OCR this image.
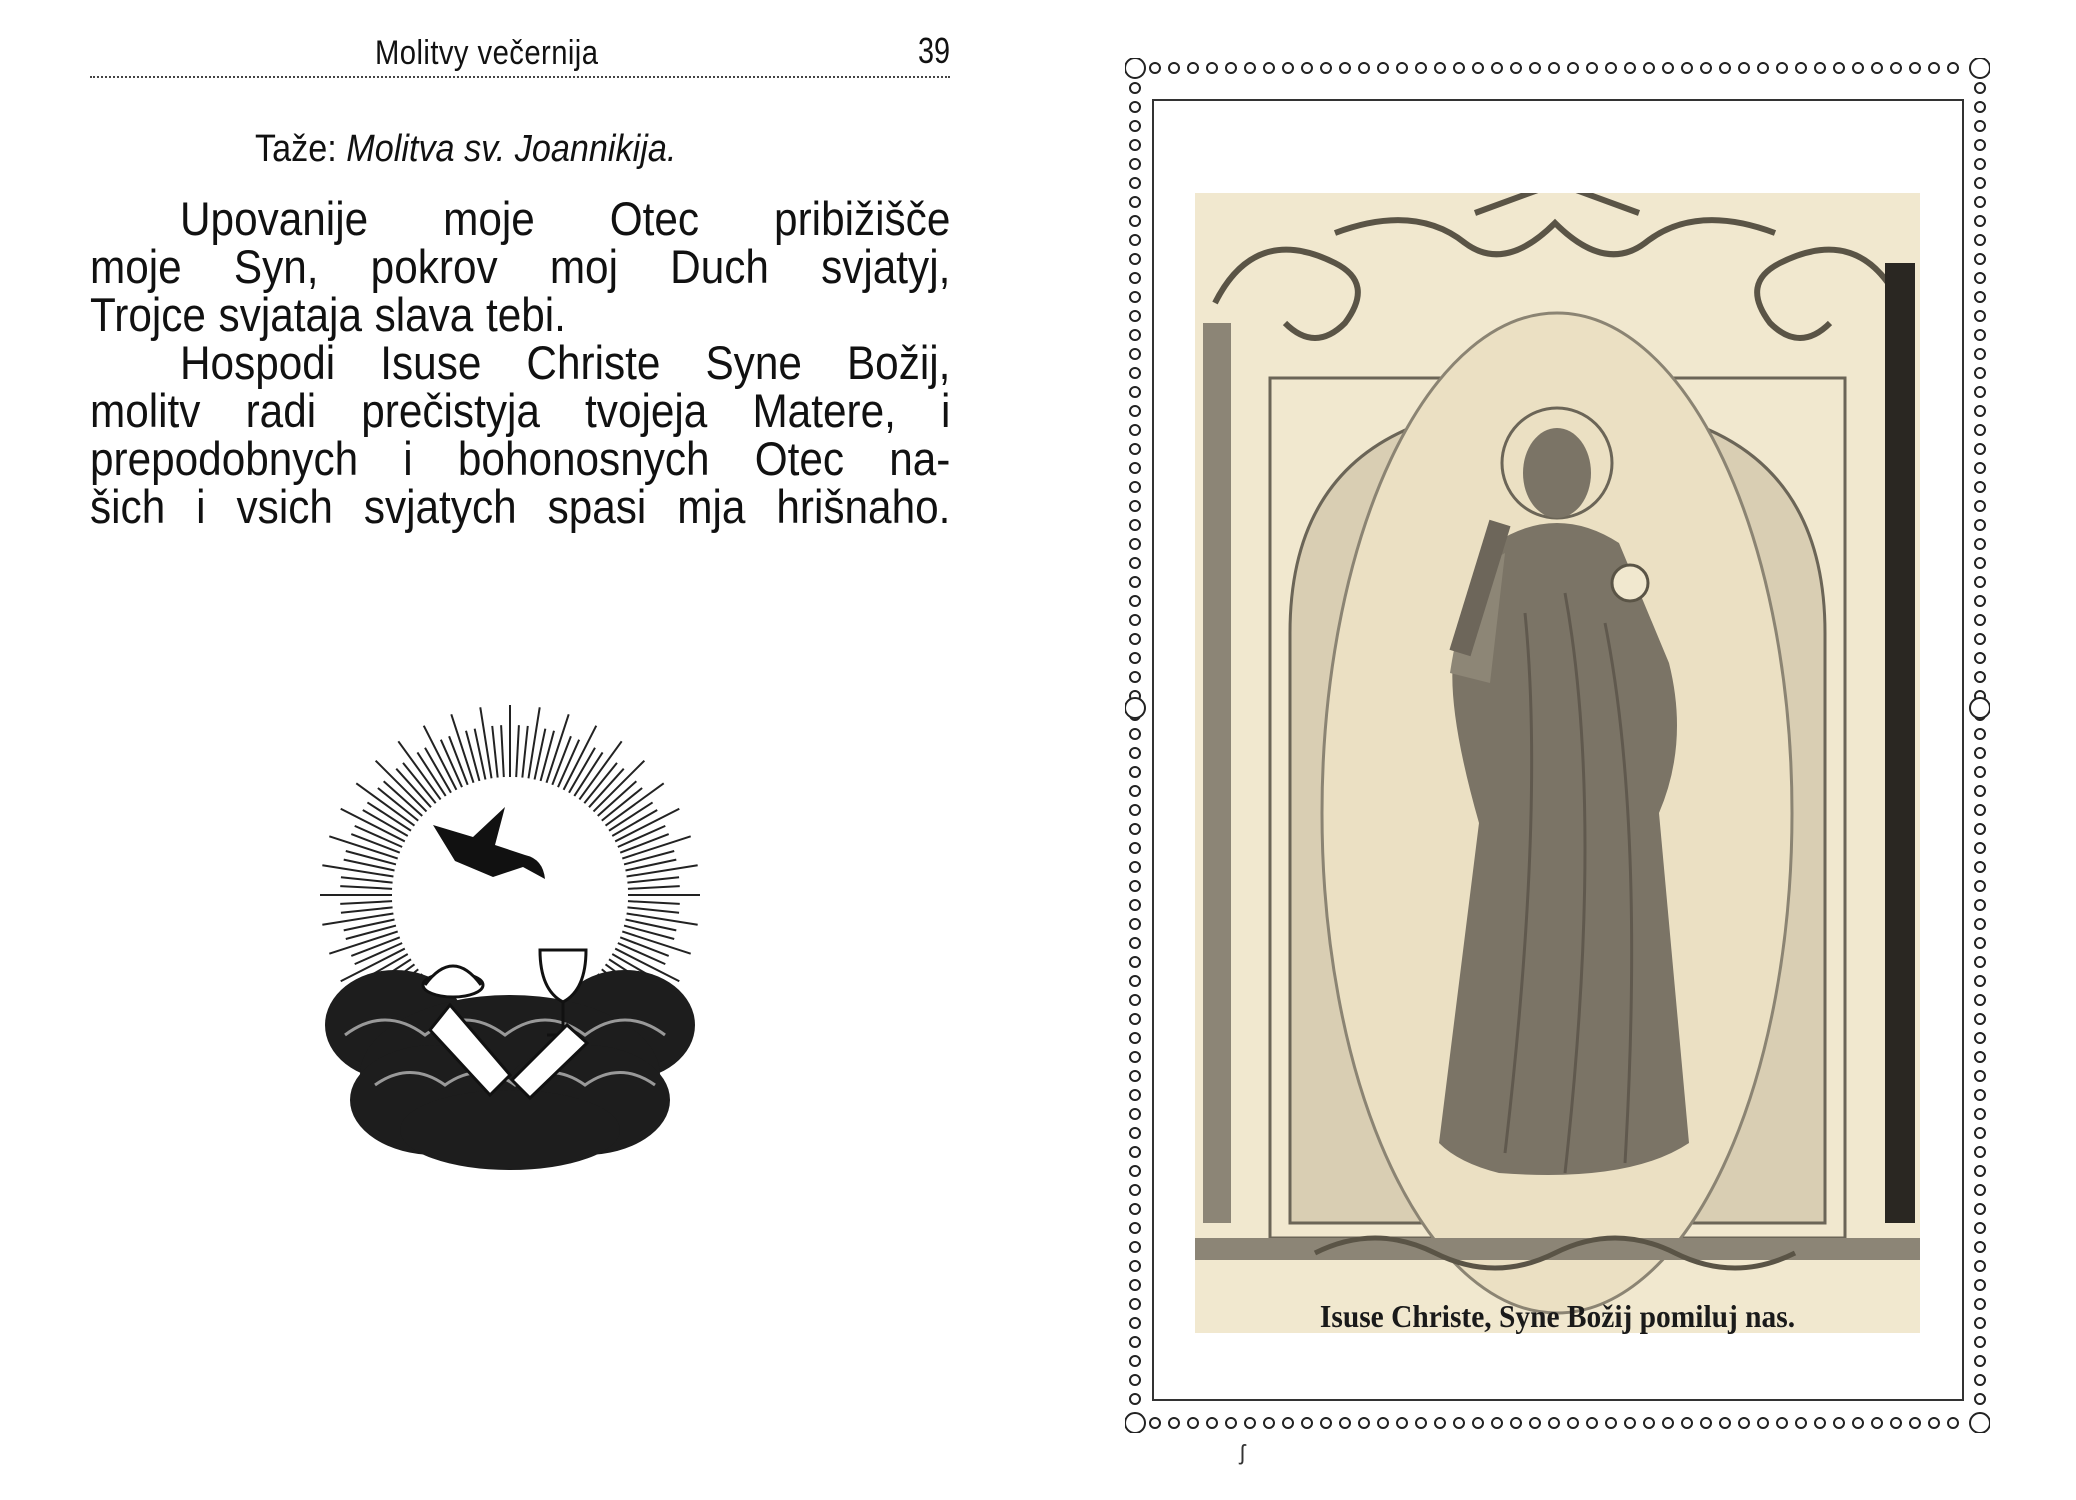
Molitvy večernija	39
Taže: Molitva sv. Joannikija.
Upovanije moje Otec pribižišče
moje Syn, pokrov moj Duch svjatyj,
Trojce svjataja slava tebi.
Hospodi Isuse Christe Syne Božij,
molitv radi prečistyja tvojeja Matere, i
prepodobnych i bohonosnych Otec na-
šich i vsich svjatych spasi mja hrišnaho.
Isuse Christe, Syne Božij pomiluj nas.
ʃ
